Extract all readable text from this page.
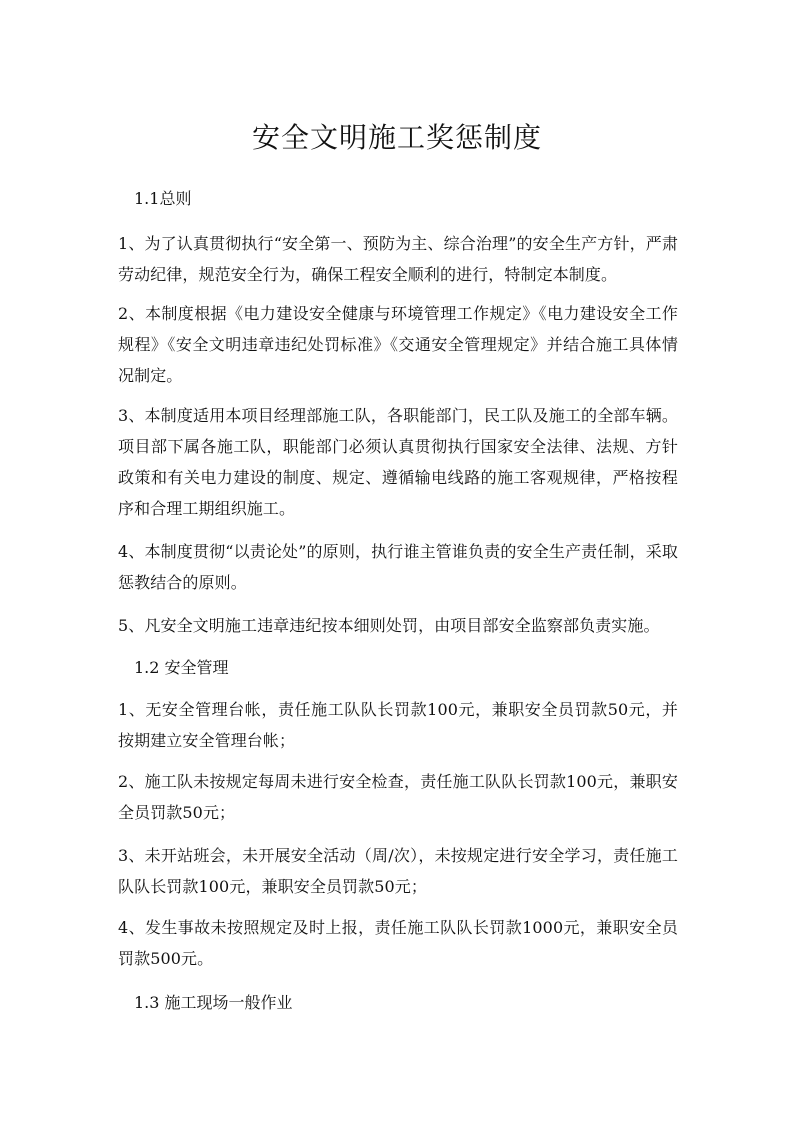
安全文明施工奖惩制度

1.1总则

1、为了认真贯彻执行“安全第一、预防为主、综合治理”的安全生产方针，严肃劳动纪律，规范安全行为，确保工程安全顺利的进行，特制定本制度。

2、本制度根据《电力建设安全健康与环境管理工作规定》《电力建设安全工作规程》《安全文明违章违纪处罚标准》《交通安全管理规定》并结合施工具体情况制定。

3、本制度适用本项目经理部施工队，各职能部门，民工队及施工的全部车辆。项目部下属各施工队，职能部门必须认真贯彻执行国家安全法律、法规、方针政策和有关电力建设的制度、规定、遵循输电线路的施工客观规律，严格按程序和合理工期组织施工。

4、本制度贯彻“以责论处”的原则，执行谁主管谁负责的安全生产责任制，采取惩教结合的原则。

5、凡安全文明施工违章违纪按本细则处罚，由项目部安全监察部负责实施。

1.2 安全管理

1、无安全管理台帐，责任施工队队长罚款100元，兼职安全员罚款50元，并按期建立安全管理台帐；

2、施工队未按规定每周未进行安全检查，责任施工队队长罚款100元，兼职安全员罚款50元；

3、未开站班会，未开展安全活动（周/次），未按规定进行安全学习，责任施工队队长罚款100元，兼职安全员罚款50元；

4、发生事故未按照规定及时上报，责任施工队队长罚款1000元，兼职安全员罚款500元。

1.3 施工现场一般作业
